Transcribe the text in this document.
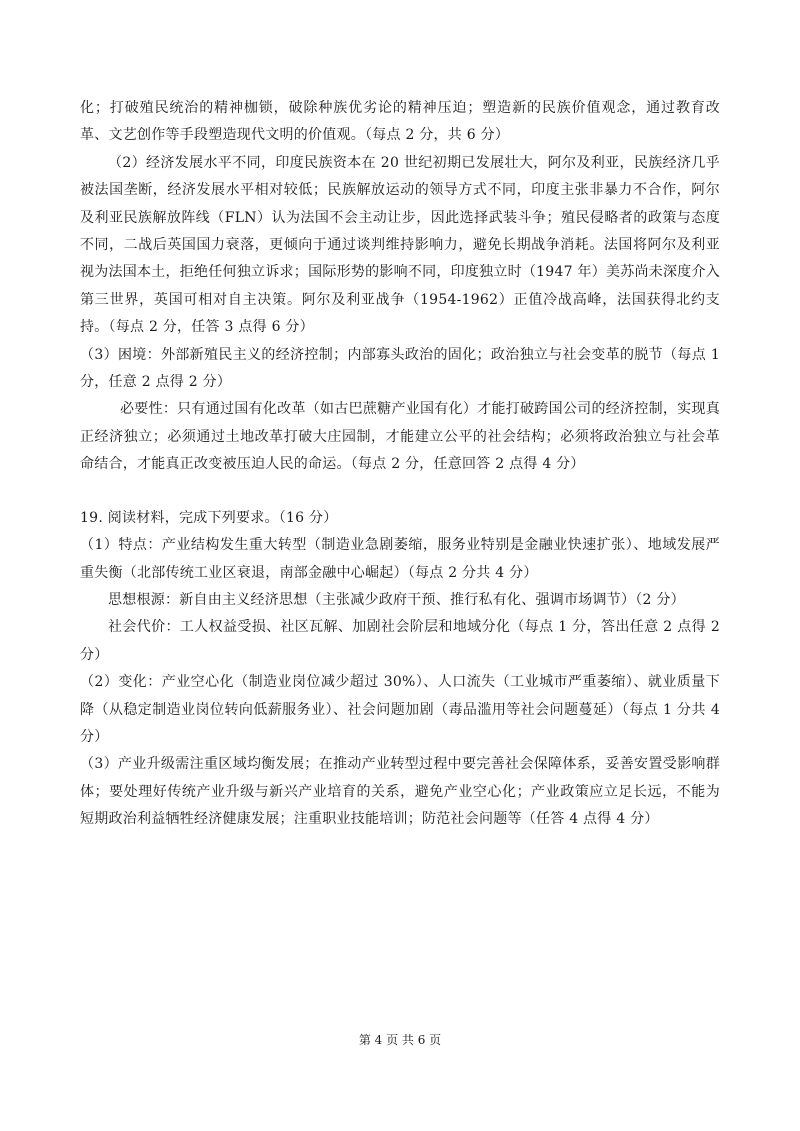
化；打破殖民统治的精神枷锁，破除种族优劣论的精神压迫；塑造新的民族价值观念，通过教育改革、文艺创作等手段塑造现代文明的价值观。（每点 2 分，共 6 分）

（2）经济发展水平不同，印度民族资本在 20 世纪初期已发展壮大，阿尔及利亚，民族经济几乎被法国垄断，经济发展水平相对较低；民族解放运动的领导方式不同，印度主张非暴力不合作，阿尔及利亚民族解放阵线（FLN）认为法国不会主动让步，因此选择武装斗争；殖民侵略者的政策与态度不同，二战后英国国力衰落，更倾向于通过谈判维持影响力，避免长期战争消耗。法国将阿尔及利亚视为法国本土，拒绝任何独立诉求；国际形势的影响不同，印度独立时（1947 年）美苏尚未深度介入第三世界，英国可相对自主决策。阿尔及利亚战争（1954-1962）正值冷战高峰，法国获得北约支持。（每点 2 分，任答 3 点得 6 分）

（3）困境：外部新殖民主义的经济控制；内部寡头政治的固化；政治独立与社会变革的脱节（每点 1 分，任意 2 点得 2 分）

必要性：只有通过国有化改革（如古巴蔗糖产业国有化）才能打破跨国公司的经济控制，实现真正经济独立；必须通过土地改革打破大庄园制，才能建立公平的社会结构；必须将政治独立与社会革命结合，才能真正改变被压迫人民的命运。（每点 2 分，任意回答 2 点得 4 分）

19. 阅读材料，完成下列要求。（16 分）

（1）特点：产业结构发生重大转型（制造业急剧萎缩，服务业特别是金融业快速扩张）、地域发展严重失衡（北部传统工业区衰退，南部金融中心崛起）（每点 2 分共 4 分）

思想根源：新自由主义经济思想（主张减少政府干预、推行私有化、强调市场调节）（2 分）

社会代价：工人权益受损、社区瓦解、加剧社会阶层和地域分化（每点 1 分，答出任意 2 点得 2 分）

（2）变化：产业空心化（制造业岗位减少超过 30%）、人口流失（工业城市严重萎缩）、就业质量下降（从稳定制造业岗位转向低薪服务业）、社会问题加剧（毒品滥用等社会问题蔓延）（每点 1 分共 4 分）

（3）产业升级需注重区域均衡发展；在推动产业转型过程中要完善社会保障体系，妥善安置受影响群体；要处理好传统产业升级与新兴产业培育的关系，避免产业空心化；产业政策应立足长远，不能为短期政治利益牺牲经济健康发展；注重职业技能培训；防范社会问题等（任答 4 点得 4 分）

第 4 页 共 6 页
